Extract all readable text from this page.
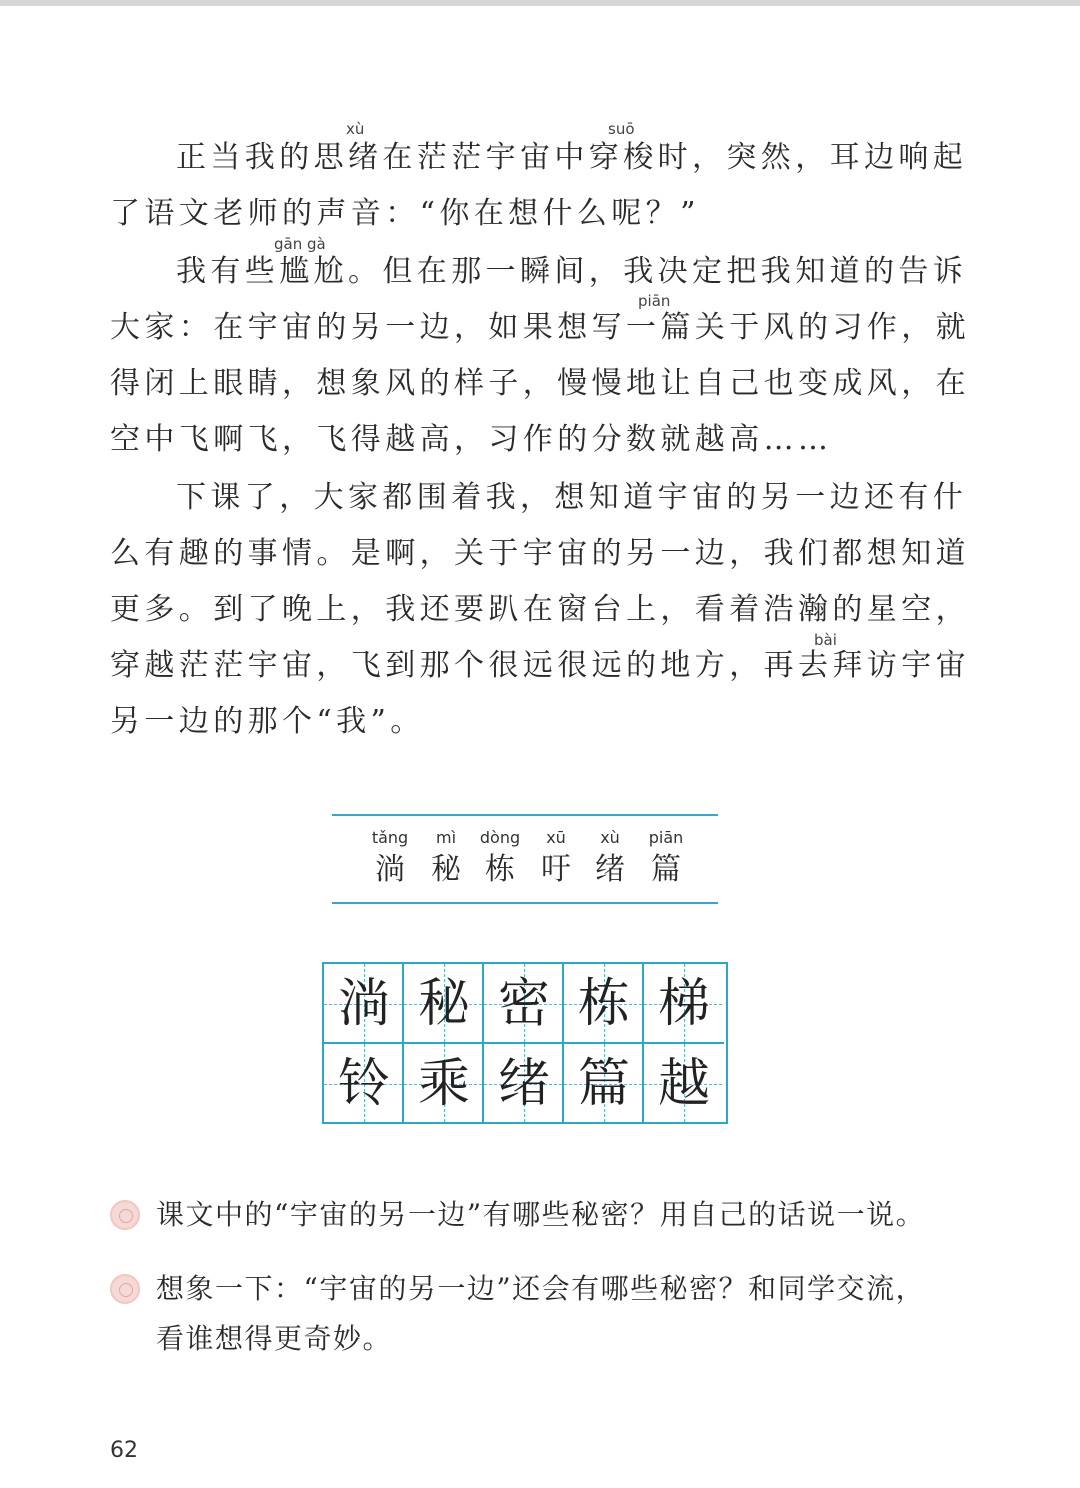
xù	suō
正当我的思绪在茫茫宇宙中穿梭时，突然，耳边响起
了语文老师的声音：“你在想什么呢？”
gān gà
piān
我有些尴尬。但在那一瞬间，我决定把我知道的告诉
大家：在宇宙的另一边，如果想写一篇关于风的习作，就
得闭上眼睛，想象风的样子，慢慢地让自己也变成风，在
空中飞啊飞，飞得越高，习作的分数就越高……
bài
下课了，大家都围着我，想知道宇宙的另一边还有什
么有趣的事情。是啊，关于宇宙的另一边，我们都想知道
更多。到了晚上，我还要趴在窗台上，看着浩瀚的星空，
穿越茫茫宇宙，飞到那个很远很远的地方，再去拜访宇宙
另一边的那个“我”。
tǎng
淌
mì
秘
dòng
栋
xū
吁
xù
绪
piān
篇
淌 秘 密 栋 梯
铃 乘 绪 篇 越
课文中的“宇宙的另一边”有哪些秘密？用自己的话说一说。
想象一下：“宇宙的另一边”还会有哪些秘密？和同学交流，看谁想得更奇妙。
62
